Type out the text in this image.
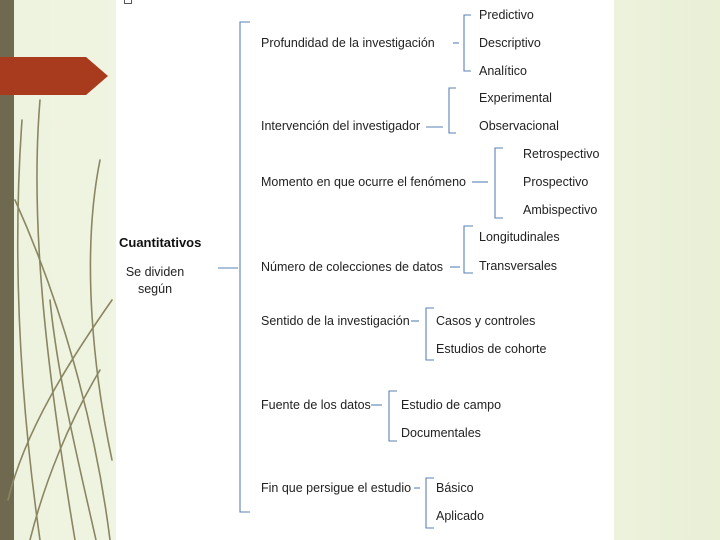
Cuantitativos
Se dividen según
Profundidad de la investigación
Predictivo
Descriptivo
Analítico
Intervención del investigador
Experimental
Observacional
Momento en que ocurre el fenómeno
Retrospectivo
Prospectivo
Ambispectivo
Número de colecciones de datos
Longitudinales
Transversales
Sentido de la investigación Casos y controles
Estudios de cohorte
Fuente de los datos Estudio de campo
Documentales
Fin que persigue el estudio Básico
Aplicado
